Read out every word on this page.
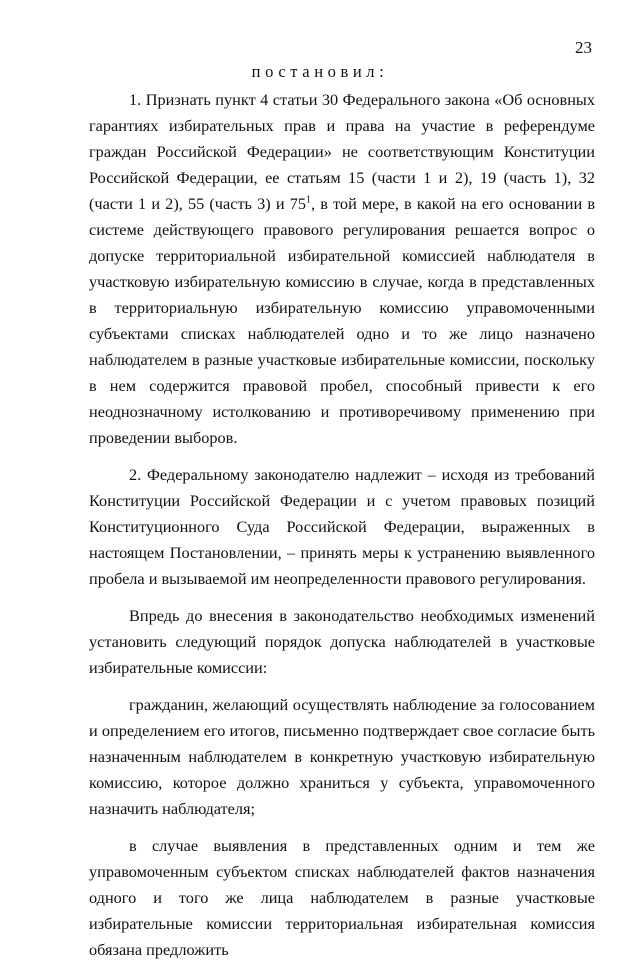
23
постановил:

1. Признать пункт 4 статьи 30 Федерального закона «Об основных гарантиях избирательных прав и права на участие в референдуме граждан Российской Федерации» не соответствующим Конституции Российской Федерации, ее статьям 15 (части 1 и 2), 19 (часть 1), 32 (части 1 и 2), 55 (часть 3) и $75^1$, в той мере, в какой на его основании в системе действующего правового регулирования решается вопрос о допуске территориальной избирательной комиссией наблюдателя в участковую избирательную комиссию в случае, когда в представленных в территориальную избирательную комиссию управомоченными субъектами списках наблюдателей одно и то же лицо назначено наблюдателем в разные участковые избирательные комиссии, поскольку в нем содержится правовой пробел, способный привести к его неоднозначному истолкованию и противоречивому применению при проведении выборов.

2. Федеральному законодателю надлежит – исходя из требований Конституции Российской Федерации и с учетом правовых позиций Конституционного Суда Российской Федерации, выраженных в настоящем Постановлении, – принять меры к устранению выявленного пробела и вызываемой им неопределенности правового регулирования.

Впредь до внесения в законодательство необходимых изменений установить следующий порядок допуска наблюдателей в участковые избирательные комиссии:

гражданин, желающий осуществлять наблюдение за голосованием и определением его итогов, письменно подтверждает свое согласие быть назначенным наблюдателем в конкретную участковую избирательную комиссию, которое должно храниться у субъекта, управомоченного назначить наблюдателя;

в случае выявления в представленных одним и тем же управомоченным субъектом списках наблюдателей фактов назначения одного и того же лица наблюдателем в разные участковые избирательные комиссии территориальная избирательная комиссия обязана предложить
